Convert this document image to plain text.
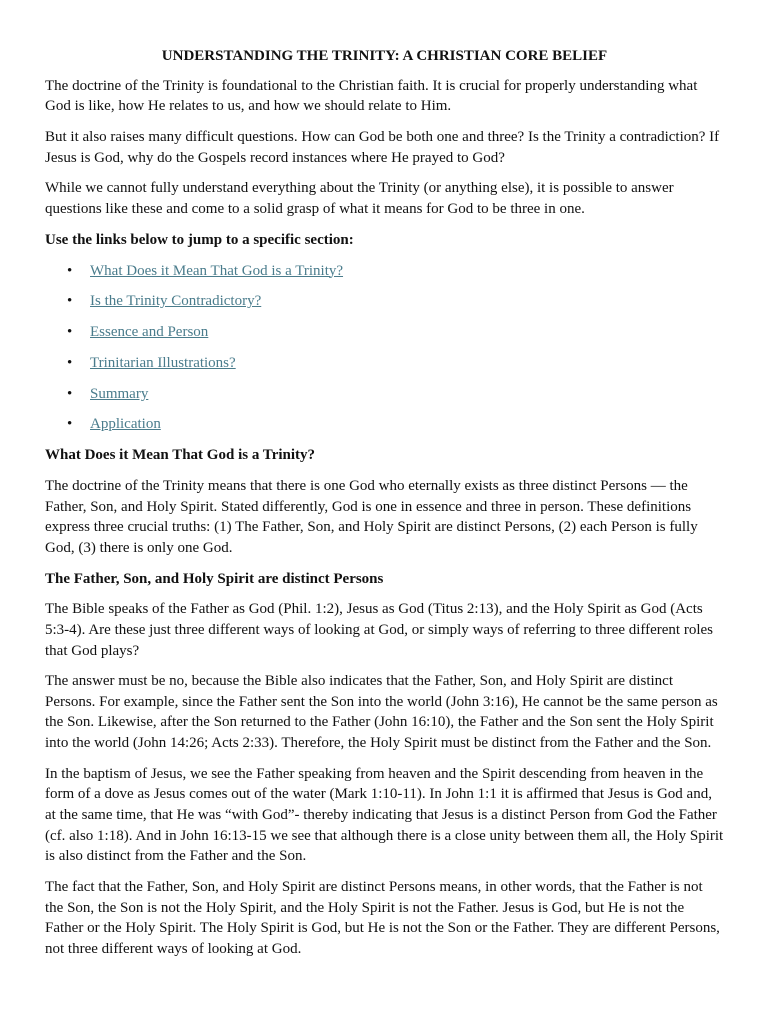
UNDERSTANDING THE TRINITY: A CHRISTIAN CORE BELIEF

The doctrine of the Trinity is foundational to the Christian faith. It is crucial for properly understanding what God is like, how He relates to us, and how we should relate to Him.

But it also raises many difficult questions. How can God be both one and three? Is the Trinity a contradiction? If Jesus is God, why do the Gospels record instances where He prayed to God?

While we cannot fully understand everything about the Trinity (or anything else), it is possible to answer questions like these and come to a solid grasp of what it means for God to be three in one.

Use the links below to jump to a specific section:

• What Does it Mean That God is a Trinity?
• Is the Trinity Contradictory?
• Essence and Person
• Trinitarian Illustrations?
• Summary
• Application

What Does it Mean That God is a Trinity?

The doctrine of the Trinity means that there is one God who eternally exists as three distinct Persons — the Father, Son, and Holy Spirit. Stated differently, God is one in essence and three in person. These definitions express three crucial truths: (1) The Father, Son, and Holy Spirit are distinct Persons, (2) each Person is fully God, (3) there is only one God.

The Father, Son, and Holy Spirit are distinct Persons

The Bible speaks of the Father as God (Phil. 1:2), Jesus as God (Titus 2:13), and the Holy Spirit as God (Acts 5:3-4). Are these just three different ways of looking at God, or simply ways of referring to three different roles that God plays?

The answer must be no, because the Bible also indicates that the Father, Son, and Holy Spirit are distinct Persons. For example, since the Father sent the Son into the world (John 3:16), He cannot be the same person as the Son. Likewise, after the Son returned to the Father (John 16:10), the Father and the Son sent the Holy Spirit into the world (John 14:26; Acts 2:33). Therefore, the Holy Spirit must be distinct from the Father and the Son.

In the baptism of Jesus, we see the Father speaking from heaven and the Spirit descending from heaven in the form of a dove as Jesus comes out of the water (Mark 1:10-11). In John 1:1 it is affirmed that Jesus is God and, at the same time, that He was “with God”- thereby indicating that Jesus is a distinct Person from God the Father (cf. also 1:18). And in John 16:13-15 we see that although there is a close unity between them all, the Holy Spirit is also distinct from the Father and the Son.

The fact that the Father, Son, and Holy Spirit are distinct Persons means, in other words, that the Father is not the Son, the Son is not the Holy Spirit, and the Holy Spirit is not the Father. Jesus is God, but He is not the Father or the Holy Spirit. The Holy Spirit is God, but He is not the Son or the Father. They are different Persons, not three different ways of looking at God.
